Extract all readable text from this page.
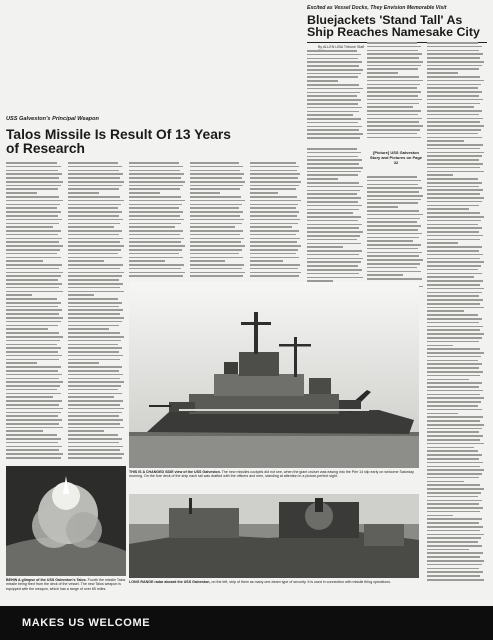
Excited as Vessel Docks, They Envision Memorable Visit
Bluejackets 'Stand Tall' As Ship Reaches Namesake City
By ALLEN LIBA Tribune Staff
[Picture] USS Galveston Story and Pictures on Page 32
USS Galveston's Principal Weapon
Talos Missile Is Result Of 13 Years of Research
THIS IS A CHANGED SIDE view of the USS Galveston. The new missiles cockpits did not see, when the giant cruiser was easing into the Pier 14 slip early on welcome Saturday morning. On the fore deck of the ship each rail was drafted with the officers and men, standing at attention in a picture-perfect sight.
BEHIN A glimpse of the USS Galveston's Talos. Fourth the missile Talos missile being fired from the deck of the vessel. The new Talos weapon is equipped with the weapon, which has a range of over 65 miles.
LONG RANGE radar aboard the USS Galveston, on the left, ship of them as many one-beam type of security. It is used in connection with missile firing operations.
MAKES US WELCOME
